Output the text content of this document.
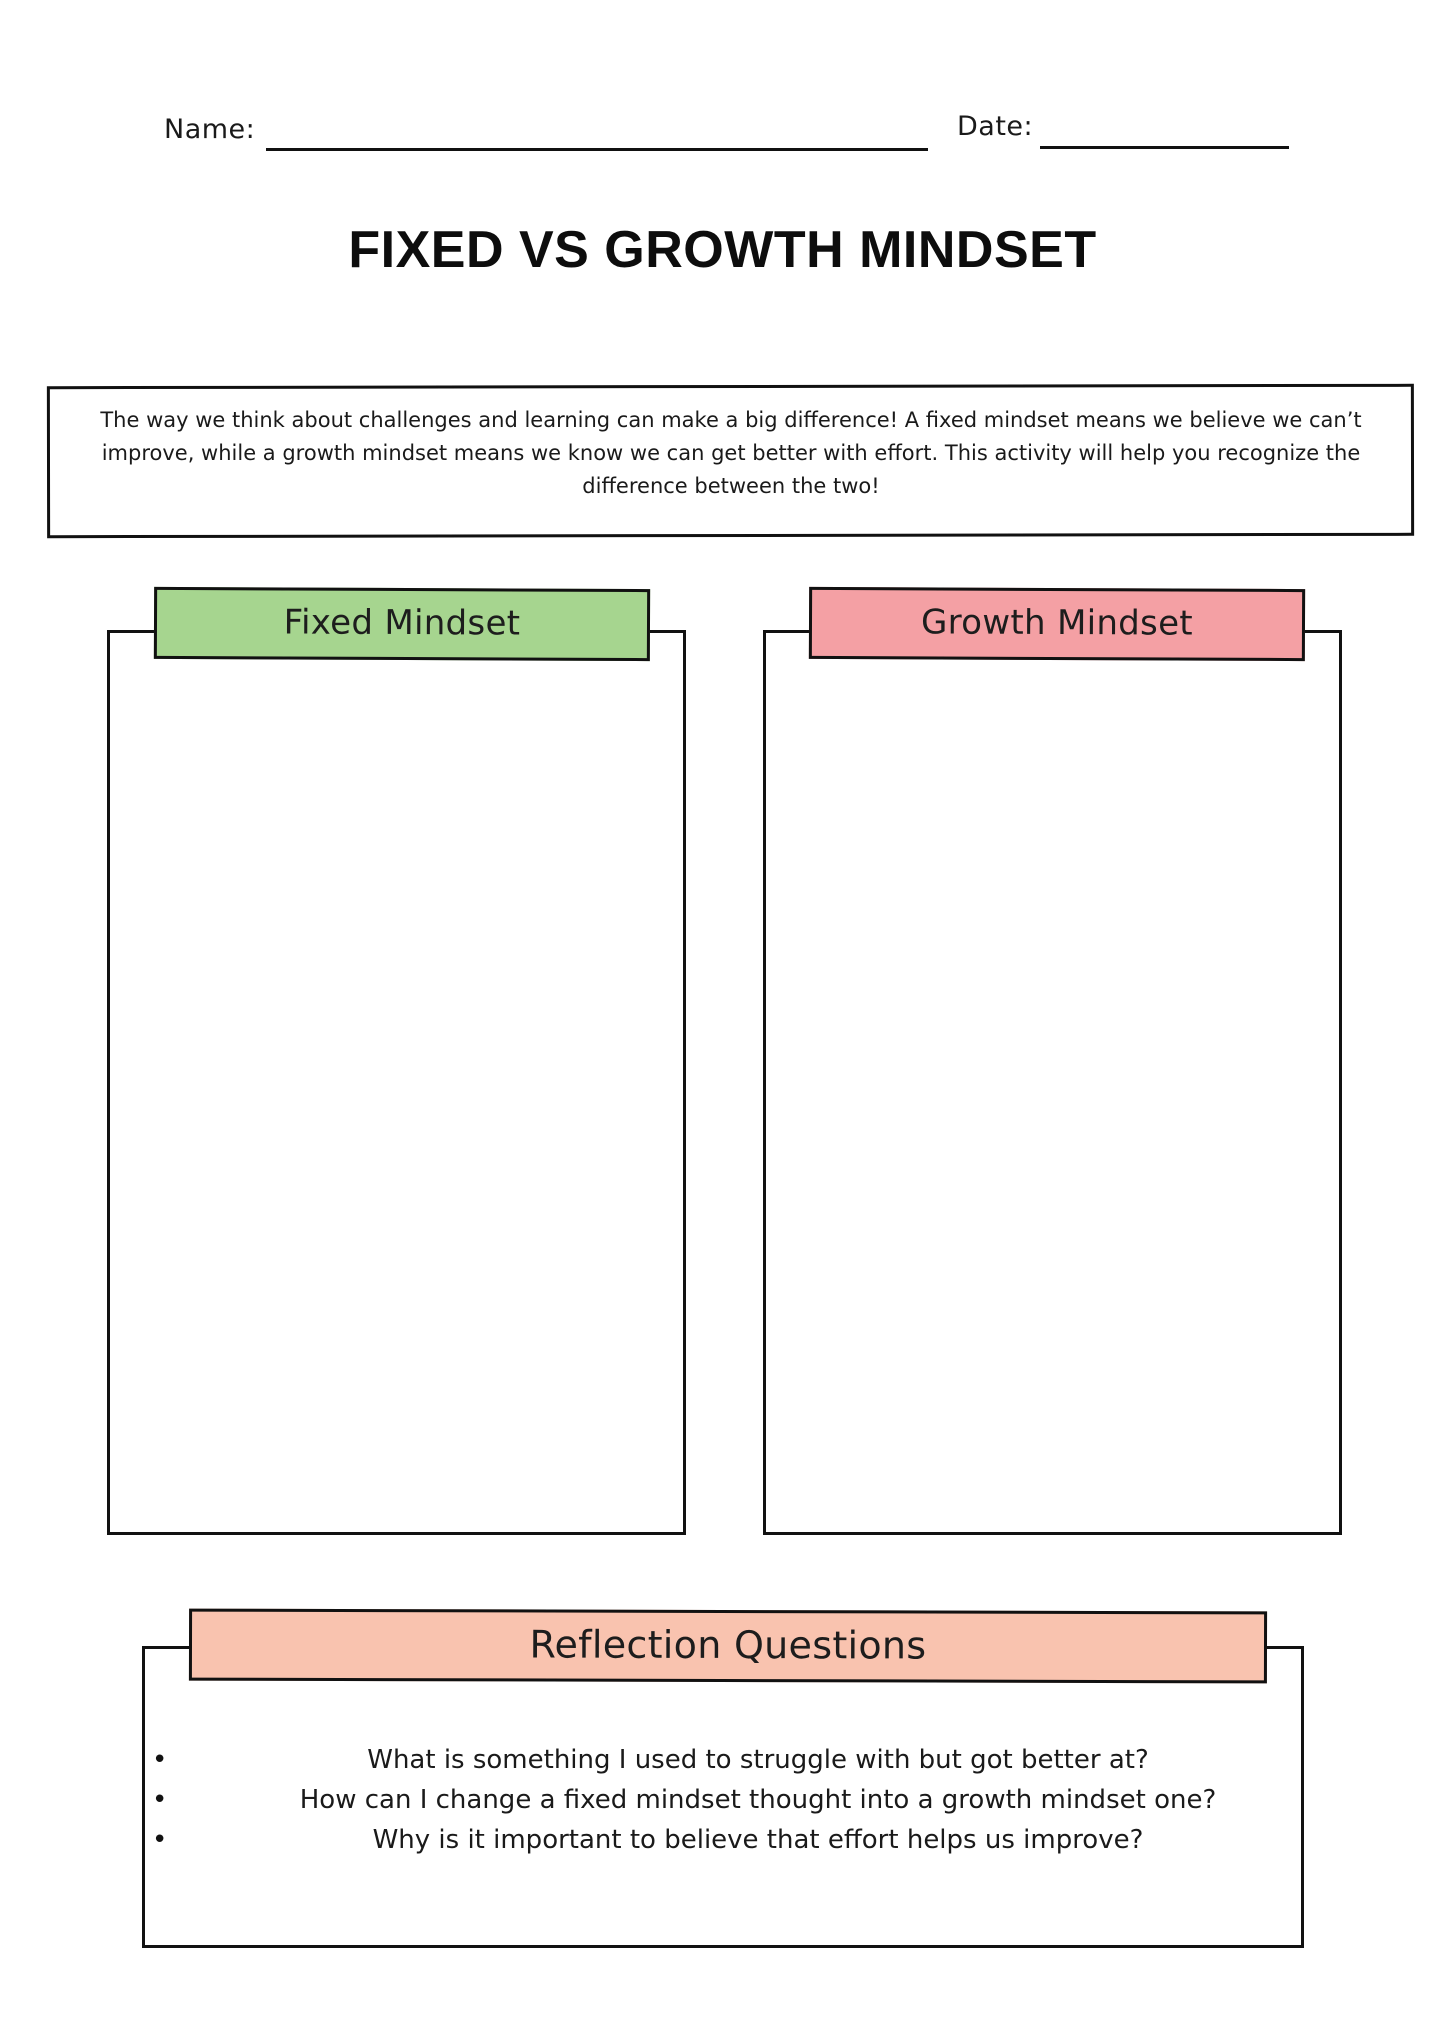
Name:	Date:
FIXED VS GROWTH MINDSET
The way we think about challenges and learning can make a big difference! A fixed mindset means we believe we can’t improve, while a growth mindset means we know we can get better with effort. This activity will help you recognize the difference between the two!
Fixed Mindset	Growth Mindset
Reflection Questions
•	What is something I used to struggle with but got better at?
•	How can I change a fixed mindset thought into a growth mindset one?
•	Why is it important to believe that effort helps us improve?
